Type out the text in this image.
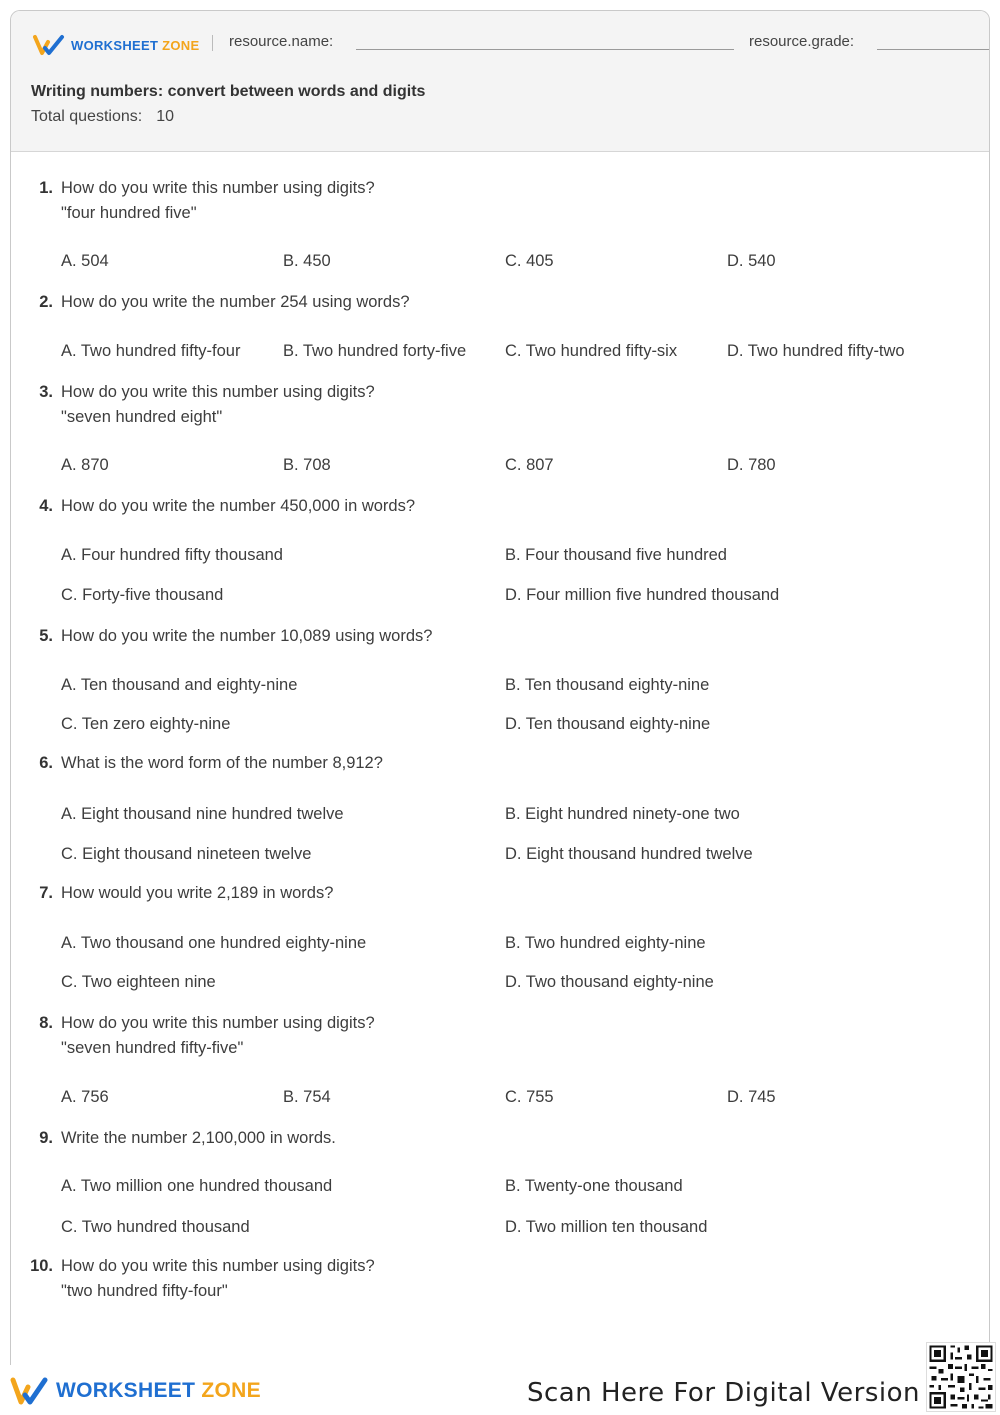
WORKSHEET ZONE resource.name:	resource.grade:
Writing numbers: convert between words and digits
Total questions: 10
1. How do you write this number using digits?
"four hundred five"
A. 504	B. 450	C. 405	D. 540
2. How do you write the number 254 using words?
A. Two hundred fifty-four	B. Two hundred forty-five C. Two hundred fifty-six	D. Two hundred fifty-two
3. How do you write this number using digits?
"seven hundred eight"
A. 870	B. 708	C. 807	D. 780
4. How do you write the number 450,000 in words?
A. Four hundred fifty thousand	B. Four thousand five hundred
C. Forty-five thousand	D. Four million five hundred thousand
5. How do you write the number 10,089 using words?
A. Ten thousand and eighty-nine	B. Ten thousand eighty-nine
C. Ten zero eighty-nine	D. Ten thousand eighty-nine
6. What is the word form of the number 8,912?
A. Eight thousand nine hundred twelve	B. Eight hundred ninety-one two
C. Eight thousand nineteen twelve	D. Eight thousand hundred twelve
7. How would you write 2,189 in words?
A. Two thousand one hundred eighty-nine	B. Two hundred eighty-nine
C. Two eighteen nine	D. Two thousand eighty-nine
8. How do you write this number using digits?
"seven hundred fifty-five"
A. 756	B. 754	C. 755	D. 745
9. Write the number 2,100,000 in words.
A. Two million one hundred thousand	B. Twenty-one thousand
C. Two hundred thousand	D. Two million ten thousand
10. How do you write this number using digits?
"two hundred fifty-four"
WORKSHEET ZONE	Scan Here For Digital Version
